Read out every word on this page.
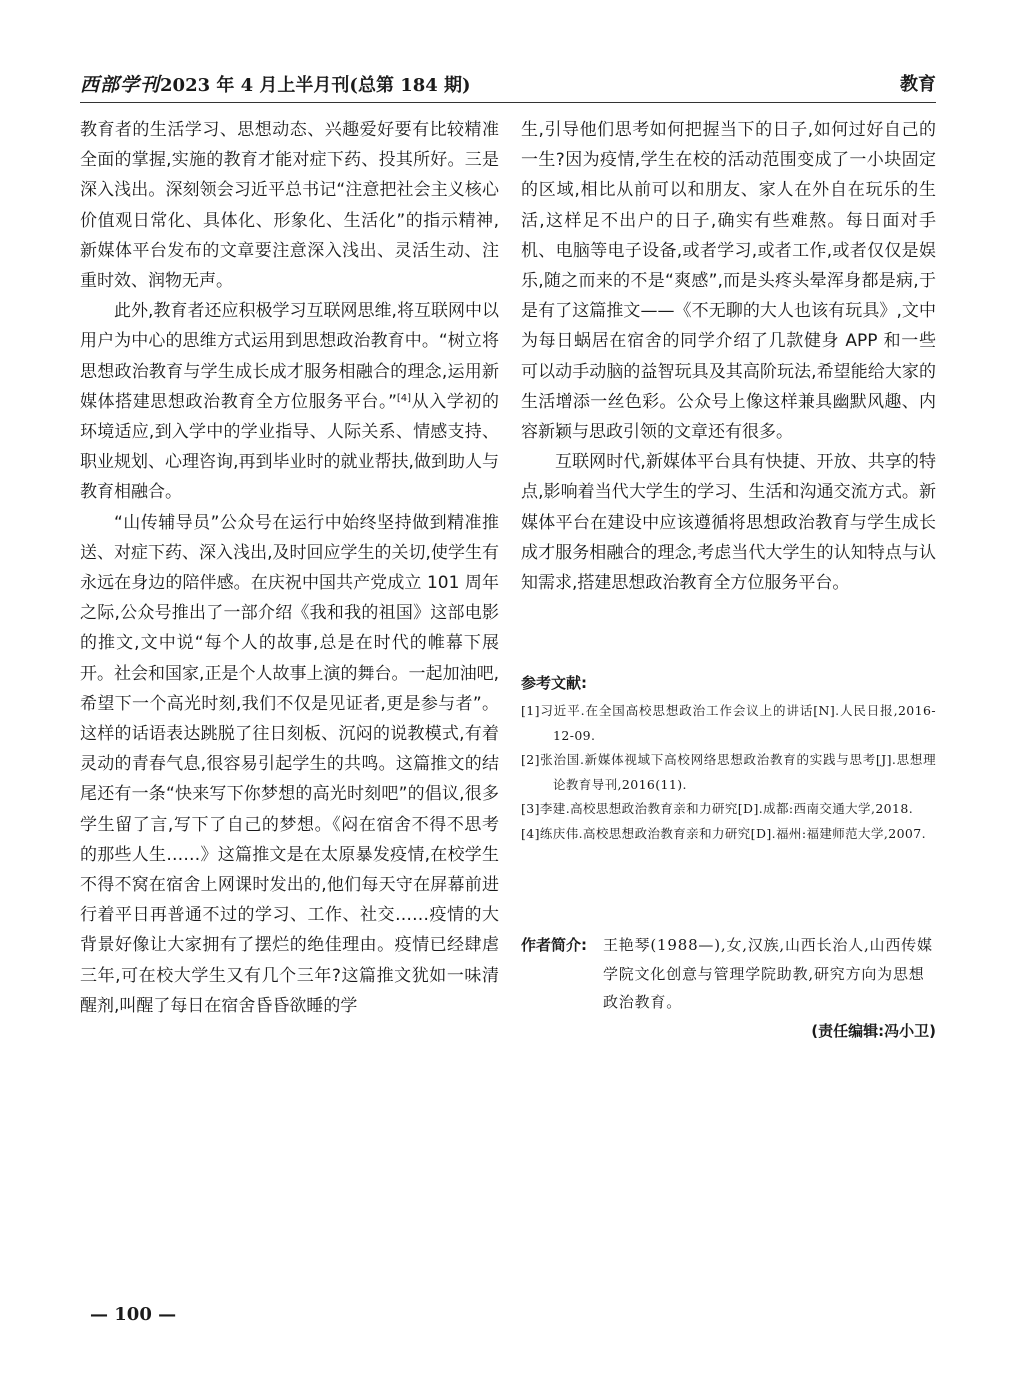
西部学刊2023 年 4 月上半月刊(总第 184 期)	教育

教育者的生活学习、思想动态、兴趣爱好要有比较精准全面的掌握,实施的教育才能对症下药、投其所好。三是深入浅出。深刻领会习近平总书记“注意把社会主义核心价值观日常化、具体化、形象化、生活化”的指示精神,新媒体平台发布的文章要注意深入浅出、灵活生动、注重时效、润物无声。

此外,教育者还应积极学习互联网思维,将互联网中以用户为中心的思维方式运用到思想政治教育中。“树立将思想政治教育与学生成长成才服务相融合的理念,运用新媒体搭建思想政治教育全方位服务平台。”[4]从入学初的环境适应,到入学中的学业指导、人际关系、情感支持、职业规划、心理咨询,再到毕业时的就业帮扶,做到助人与教育相融合。

“山传辅导员”公众号在运行中始终坚持做到精准推送、对症下药、深入浅出,及时回应学生的关切,使学生有永远在身边的陪伴感。在庆祝中国共产党成立 101 周年之际,公众号推出了一部介绍《我和我的祖国》这部电影的推文,文中说“每个人的故事,总是在时代的帷幕下展开。社会和国家,正是个人故事上演的舞台。一起加油吧,希望下一个高光时刻,我们不仅是见证者,更是参与者”。这样的话语表达跳脱了往日刻板、沉闷的说教模式,有着灵动的青春气息,很容易引起学生的共鸣。这篇推文的结尾还有一条“快来写下你梦想的高光时刻吧”的倡议,很多学生留了言,写下了自己的梦想。《闷在宿舍不得不思考的那些人生……》这篇推文是在太原暴发疫情,在校学生不得不窝在宿舍上网课时发出的,他们每天守在屏幕前进行着平日再普通不过的学习、工作、社交……疫情的大背景好像让大家拥有了摆烂的绝佳理由。疫情已经肆虐三年,可在校大学生又有几个三年?这篇推文犹如一味清醒剂,叫醒了每日在宿舍昏昏欲睡的学

生,引导他们思考如何把握当下的日子,如何过好自己的一生?因为疫情,学生在校的活动范围变成了一小块固定的区域,相比从前可以和朋友、家人在外自在玩乐的生活,这样足不出户的日子,确实有些难熬。每日面对手机、电脑等电子设备,或者学习,或者工作,或者仅仅是娱乐,随之而来的不是“爽感”,而是头疼头晕浑身都是病,于是有了这篇推文——《不无聊的大人也该有玩具》,文中为每日蜗居在宿舍的同学介绍了几款健身 APP 和一些可以动手动脑的益智玩具及其高阶玩法,希望能给大家的生活增添一丝色彩。公众号上像这样兼具幽默风趣、内容新颖与思政引领的文章还有很多。

互联网时代,新媒体平台具有快捷、开放、共享的特点,影响着当代大学生的学习、生活和沟通交流方式。新媒体平台在建设中应该遵循将思想政治教育与学生成长成才服务相融合的理念,考虑当代大学生的认知特点与认知需求,搭建思想政治教育全方位服务平台。

参考文献:
[1]习近平.在全国高校思想政治工作会议上的讲话[N].人民日报,2016-12-09.
[2]张治国.新媒体视域下高校网络思想政治教育的实践与思考[J].思想理论教育导刊,2016(11).
[3]李建.高校思想政治教育亲和力研究[D].成都:西南交通大学,2018.
[4]练庆伟.高校思想政治教育亲和力研究[D].福州:福建师范大学,2007.
作者简介:	王艳琴(1988—),女,汉族,山西长治人,山西传媒学院文化创意与管理学院助教,研究方向为思想政治教育。
(责任编辑:冯小卫)
— 100 —
